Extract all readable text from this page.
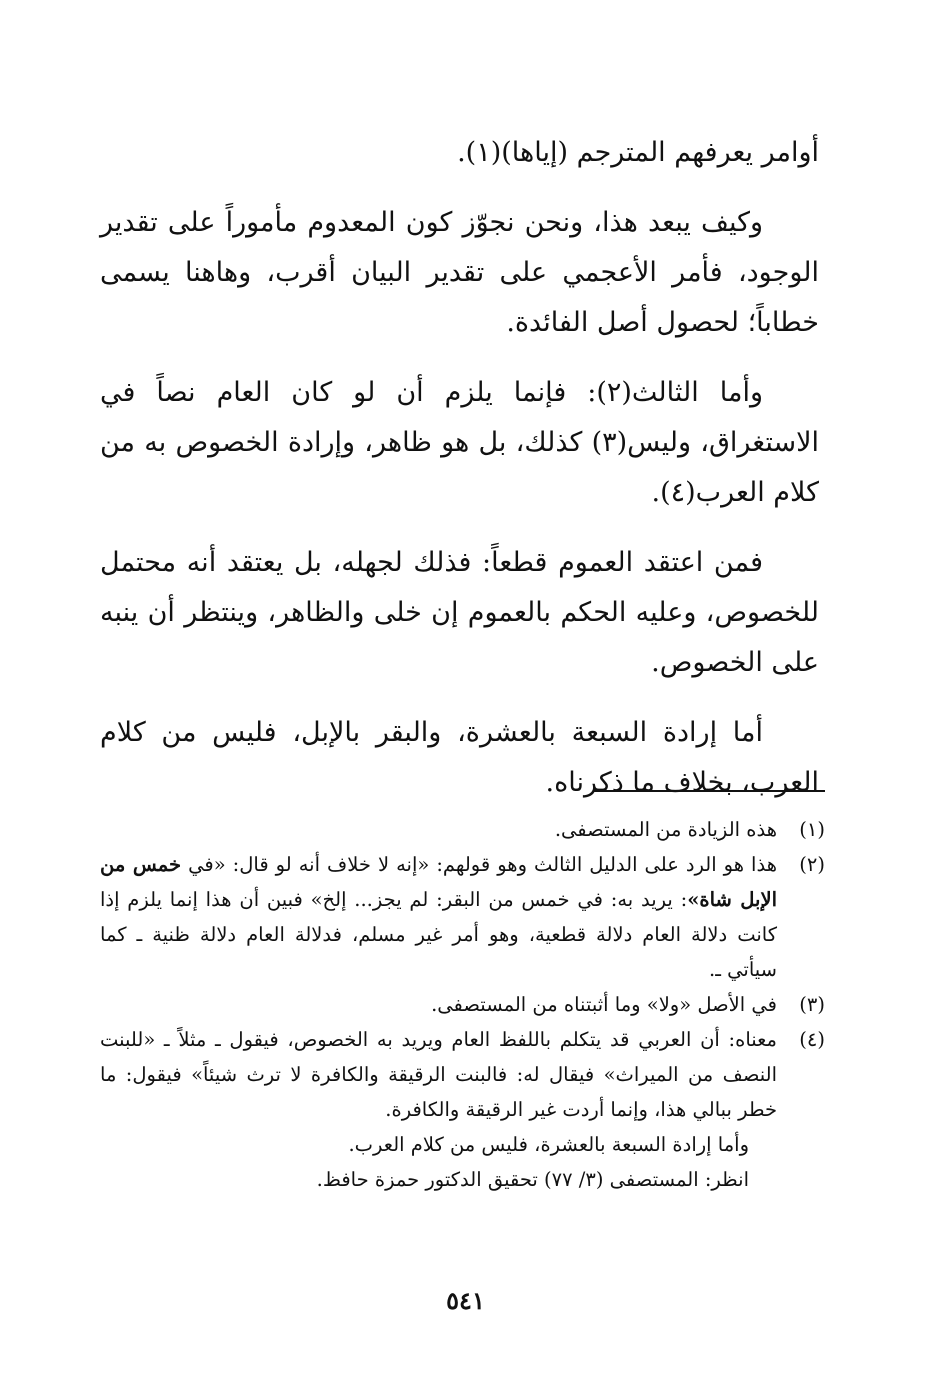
أوامر يعرفهم المترجم (إياها)(١).

وكيف يبعد هذا، ونحن نجوّز كون المعدوم مأموراً على تقدير الوجود، فأمر الأعجمي على تقدير البيان أقرب، وهاهنا يسمى خطاباً؛ لحصول أصل الفائدة.

وأما الثالث(٢): فإنما يلزم أن لو كان العام نصاً في الاستغراق، وليس(٣) كذلك، بل هو ظاهر، وإرادة الخصوص به من كلام العرب(٤).

فمن اعتقد العموم قطعاً: فذلك لجهله، بل يعتقد أنه محتمل للخصوص، وعليه الحكم بالعموم إن خلى والظاهر، وينتظر أن ينبه على الخصوص.

أما إرادة السبعة بالعشرة، والبقر بالإبل، فليس من كلام العرب، بخلاف ما ذكرناه.

(١)
هذه الزيادة من المستصفى.
(٢)
هذا هو الرد على الدليل الثالث وهو قولهم: «إنه لا خلاف أنه لو قال: «في خمس من الإبل شاة»: يريد به: في خمس من البقر: لم يجز... إلخ» فبين أن هذا إنما يلزم إذا كانت دلالة العام دلالة قطعية، وهو أمر غير مسلم، فدلالة العام دلالة ظنية ـ كما سيأتي ـ.
(٣)
في الأصل «ولا» وما أثبتناه من المستصفى.
(٤)
معناه: أن العربي قد يتكلم باللفظ العام ويريد به الخصوص، فيقول ـ مثلاً ـ «للبنت النصف من الميراث» فيقال له: فالبنت الرقيقة والكافرة لا ترث شيئاً» فيقول: ما خطر ببالي هذا، وإنما أردت غير الرقيقة والكافرة.
وأما إرادة السبعة بالعشرة، فليس من كلام العرب.
انظر: المستصفى (٣/ ٧٧) تحقيق الدكتور حمزة حافظ.
٥٤١
